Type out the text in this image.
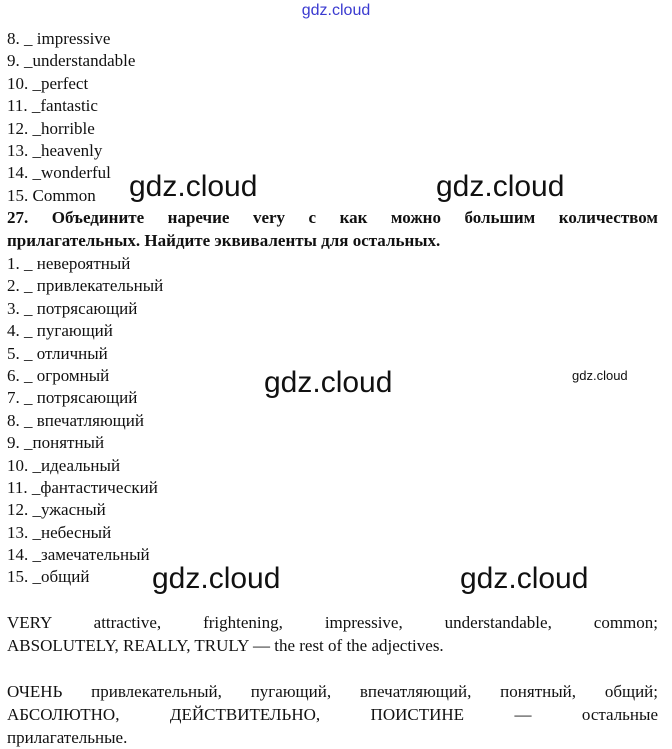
gdz.cloud
8. _ impressive
9. _understandable
10. _perfect
11. _fantastic
12. _horrible
13. _heavenly
14. _wonderful
15. Common
27. Объедините наречие very с как можно большим количеством
прилагательных. Найдите эквиваленты для остальных.
1. _ невероятный
2. _ привлекательный
3. _ потрясающий
4. _ пугающий
5. _ отличный
6. _ огромный
7. _ потрясающий
8. _ впечатляющий
9. _понятный
10. _идеальный
11. _фантастический
12. _ужасный
13. _небесный
14. _замечательный
15. _общий
VERY attractive, frightening, impressive, understandable, common;
ABSOLUTELY, REALLY, TRULY — the rest of the adjectives.
ОЧЕНЬ привлекательный, пугающий, впечатляющий, понятный, общий;
АБСОЛЮТНО, ДЕЙСТВИТЕЛЬНО, ПОИСТИНЕ — остальные
прилагательные.
gdz.cloud	gdz.cloud
gdz.cloud	gdz.cloud
gdz.cloud	gdz.cloud
